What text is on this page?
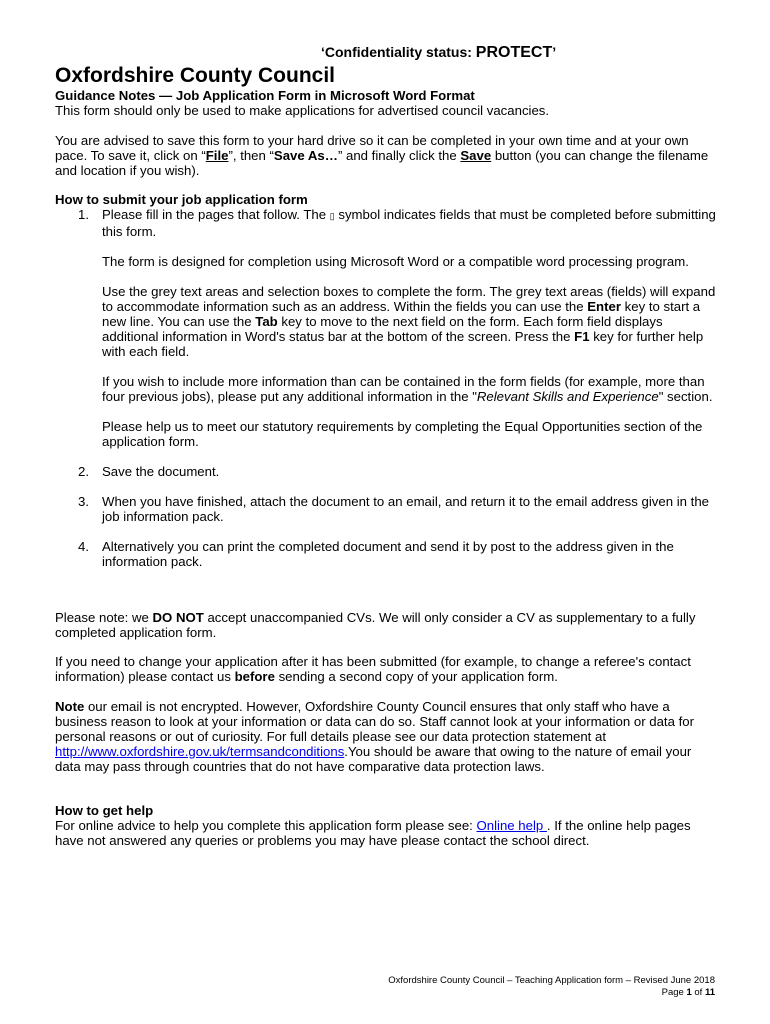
‘Confidentiality status: PROTECT’
Oxfordshire County Council
Guidance Notes — Job Application Form in Microsoft Word Format

This form should only be used to make applications for advertised council vacancies.

You are advised to save this form to your hard drive so it can be completed in your own time and at your own pace. To save it, click on “File”, then “Save As…” and finally click the Save button (you can change the filename and location if you wish).

How to submit your job application form
1. Please fill in the pages that follow. The ▯ symbol indicates fields that must be completed before submitting this form.

The form is designed for completion using Microsoft Word or a compatible word processing program.

Use the grey text areas and selection boxes to complete the form. The grey text areas (fields) will expand to accommodate information such as an address. Within the fields you can use the Enter key to start a new line. You can use the Tab key to move to the next field on the form. Each form field displays additional information in Word's status bar at the bottom of the screen. Press the F1 key for further help with each field.

If you wish to include more information than can be contained in the form fields (for example, more than four previous jobs), please put any additional information in the "Relevant Skills and Experience" section.

Please help us to meet our statutory requirements by completing the Equal Opportunities section of the application form.

2. Save the document.

3. When you have finished, attach the document to an email, and return it to the email address given in the job information pack.

4. Alternatively you can print the completed document and send it by post to the address given in the information pack.

Please note: we DO NOT accept unaccompanied CVs. We will only consider a CV as supplementary to a fully completed application form.

If you need to change your application after it has been submitted (for example, to change a referee's contact information) please contact us before sending a second copy of your application form.

Note our email is not encrypted. However, Oxfordshire County Council ensures that only staff who have a business reason to look at your information or data can do so. Staff cannot look at your information or data for personal reasons or out of curiosity. For full details please see our data protection statement at http://www.oxfordshire.gov.uk/termsandconditions.You should be aware that owing to the nature of email your data may pass through countries that do not have comparative data protection laws.

How to get help

For online advice to help you complete this application form please see: Online help . If the online help pages have not answered any queries or problems you may have please contact the school direct.

Oxfordshire County Council – Teaching Application form – Revised June 2018
Page 1 of 11
